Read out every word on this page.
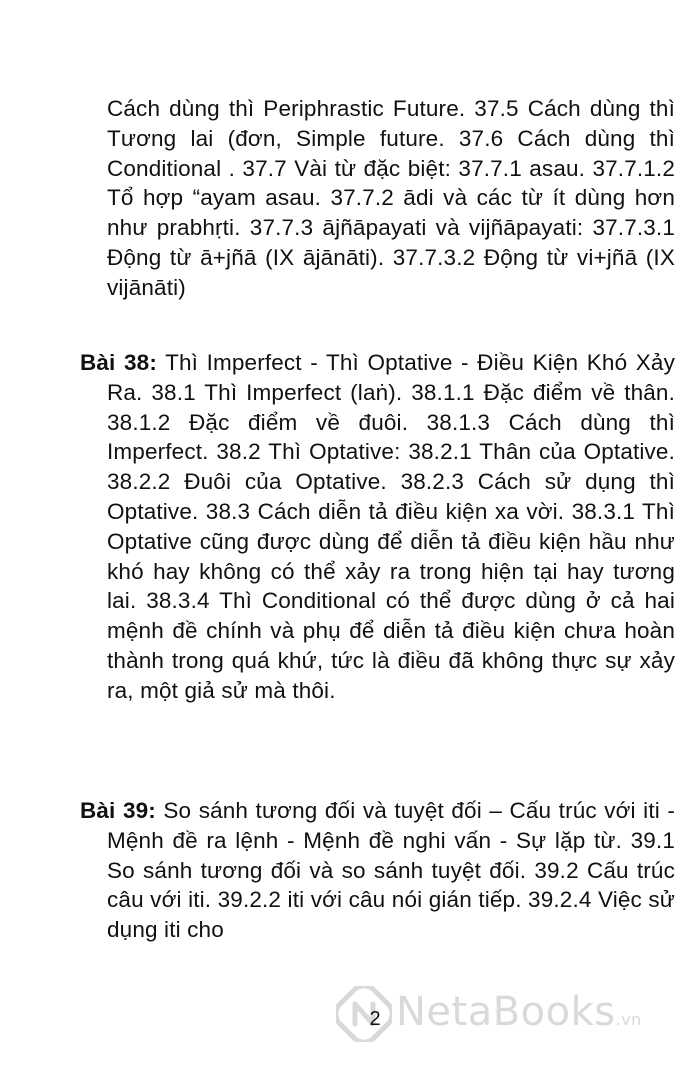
Cách dùng thì Periphrastic Future. 37.5 Cách dùng thì Tương lai (đơn, Simple future. 37.6 Cách dùng thì Conditional . 37.7 Vài từ đặc biệt: 37.7.1 asau. 37.7.1.2 Tổ hợp “ayam asau. 37.7.2 ādi và các từ ít dùng hơn như prabhṛti. 37.7.3 ājñāpayati và vijñāpayati: 37.7.3.1 Động từ ā+jñā (IX ājānāti). 37.7.3.2 Động từ vi+jñā (IX vijānāti)

Bài 38: Thì Imperfect - Thì Optative - Điều Kiện Khó Xảy Ra. 38.1 Thì Imperfect (laṅ). 38.1.1 Đặc điểm về thân. 38.1.2 Đặc điểm về đuôi. 38.1.3 Cách dùng thì Imperfect. 38.2 Thì Optative: 38.2.1 Thân của Optative. 38.2.2 Đuôi của Optative. 38.2.3 Cách sử dụng thì Optative. 38.3 Cách diễn tả điều kiện xa vời. 38.3.1 Thì Optative cũng được dùng để diễn tả điều kiện hầu như khó hay không có thể xảy ra trong hiện tại hay tương lai. 38.3.4 Thì Conditional có thể được dùng ở cả hai mệnh đề chính và phụ để diễn tả điều kiện chưa hoàn thành trong quá khứ, tức là điều đã không thực sự xảy ra, một giả sử mà thôi.

Bài 39: So sánh tương đối và tuyệt đối – Cấu trúc với iti - Mệnh đề ra lệnh - Mệnh đề nghi vấn - Sự lặp từ. 39.1 So sánh tương đối và so sánh tuyệt đối. 39.2 Cấu trúc câu với iti. 39.2.2 iti với câu nói gián tiếp. 39.2.4 Việc sử dụng iti cho

NetaBooks.vn
2
